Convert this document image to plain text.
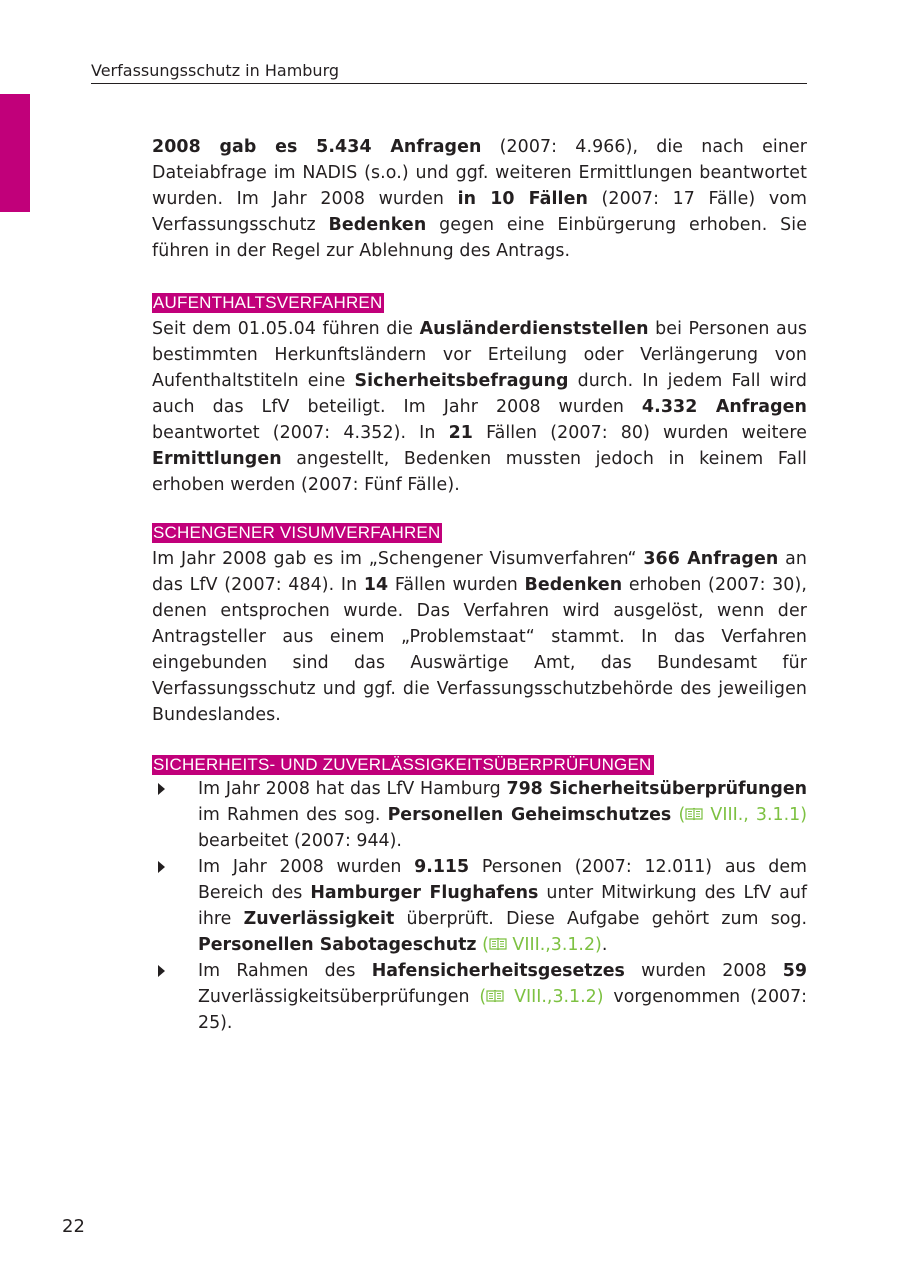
Verfassungsschutz in Hamburg
2008 gab es 5.434 Anfragen (2007: 4.966), die nach einer Dateiabfrage im NADIS (s.o.) und ggf. weiteren Ermittlungen beantwortet wurden. Im Jahr 2008 wurden in 10 Fällen (2007: 17 Fälle) vom Verfassungsschutz Bedenken gegen eine Einbürgerung erhoben. Sie führen in der Regel zur Ablehnung des Antrags.
AUFENTHALTSVERFAHREN
Seit dem 01.05.04 führen die Ausländerdienststellen bei Personen aus bestimmten Herkunftsländern vor Erteilung oder Verlängerung von Aufenthaltstiteln eine Sicherheitsbefragung durch. In jedem Fall wird auch das LfV beteiligt. Im Jahr 2008 wurden 4.332 Anfragen beantwortet (2007: 4.352). In 21 Fällen (2007: 80) wurden weitere Ermittlungen angestellt, Bedenken mussten jedoch in keinem Fall erhoben werden (2007: Fünf Fälle).
SCHENGENER VISUMVERFAHREN
Im Jahr 2008 gab es im „Schengener Visumverfahren“ 366 Anfragen an das LfV (2007: 484). In 14 Fällen wurden Bedenken erhoben (2007: 30), denen entsprochen wurde. Das Verfahren wird ausgelöst, wenn der Antragsteller aus einem „Problemstaat“ stammt. In das Verfahren eingebunden sind das Auswärtige Amt, das Bundesamt für Verfassungsschutz und ggf. die Verfassungsschutzbehörde des jeweiligen Bundeslandes.
SICHERHEITS- UND ZUVERLÄSSIGKEITSÜBERPRÜFUNGEN
Im Jahr 2008 hat das LfV Hamburg 798 Sicherheitsüberprüfungen im Rahmen des sog. Personellen Geheimschutzes ( VIII., 3.1.1) bearbeitet (2007: 944).
Im Jahr 2008 wurden 9.115 Personen (2007: 12.011) aus dem Bereich des Hamburger Flughafens unter Mitwirkung des LfV auf ihre Zuverlässigkeit überprüft. Diese Aufgabe gehört zum sog. Personellen Sabotageschutz ( VIII.,3.1.2).
Im Rahmen des Hafensicherheitsgesetzes wurden 2008 59 Zuverlässigkeitsüberprüfungen ( VIII.,3.1.2) vorgenommen (2007: 25).
22
